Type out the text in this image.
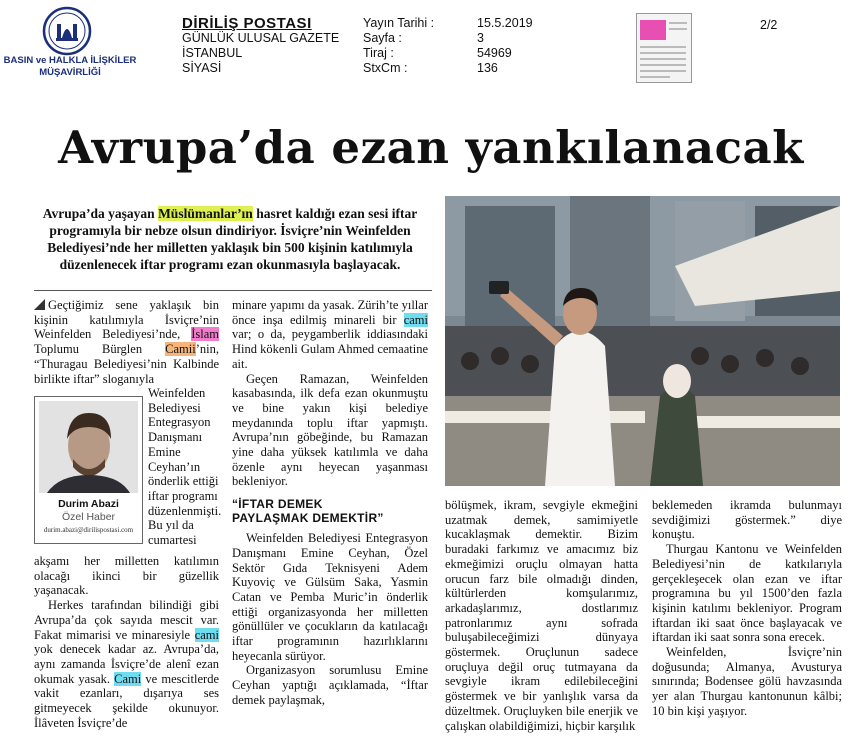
BASIN ve HALKLA İLİŞKİLER
MÜŞAVİRLİĞİ
DİRİLİŞ POSTASI
GÜNLÜK ULUSAL GAZETE
İSTANBUL
SİYASİ
Yayın Tarihi :
Sayfa :
Tiraj :
StxCm :
15.5.2019
3
54969
136
2/2
Avrupa’da ezan yankılanacak
Avrupa’da yaşayan Müslümanlar’ın hasret kaldığı ezan sesi iftar programıyla bir nebze olsun dindiriyor. İsviçre’nin Weinfelden Belediyesi’nde her milletten yaklaşık bin 500 kişinin katılımıyla düzenlenecek iftar programı ezan okunmasıyla başlayacak.

Geçtiğimiz sene yaklaşık bin kişinin katılımıyla İsviçre’nin Weinfelden Belediyesi’nde, İslam Toplumu Bürglen Camii’nin, “Thuragau Belediyesi’nin Kalbinde birlikte iftar” sloganıyla

Weinfelden Belediyesi Entegrasyon Danışmanı Emine Ceyhan’ın önderlik ettiği iftar programı düzenlenmişti. Bu yıl da cumartesi

Durim Abazi
Özel Haber
durim.abazi@dirilispostasi.com

akşamı her milletten katılımın olacağı ikinci bir güzellik yaşanacak.

Herkes tarafından bilindiği gibi Avrupa’da çok sayıda mescit var. Fakat mimarisi ve minaresiyle cami yok denecek kadar az. Avrupa’da, aynı zamanda İsviçre’de alenî ezan okumak yasak. Cami ve mescitlerde vakit ezanları, dışarıya ses gitmeyecek şekilde okunuyor. İlâveten İsviçre’de

minare yapımı da yasak. Zürih’te yıllar önce inşa edilmiş minareli bir cami var; o da, peygamberlik iddiasındaki Hind kökenli Gulam Ahmed cemaatine ait.

Geçen Ramazan, Weinfelden kasabasında, ilk defa ezan okunmuştu ve bine yakın kişi belediye meydanında toplu iftar yapmıştı. Avrupa’nın göbeğinde, bu Ramazan yine daha yüksek katılımla ve daha özenle aynı heyecan yaşanması bekleniyor.

“İFTAR DEMEK
PAYLAŞMAK DEMEKTİR”

Weinfelden Belediyesi Entegrasyon Danışmanı Emine Ceyhan, Özel Sektör Gıda Teknisyeni Adem Kuyoviç ve Gülsüm Saka, Yasmin Catan ve Pemba Muric’in önderlik ettiği organizasyonda her milletten gönüllüler ve çocukların da katılacağı iftar programının hazırlıklarını heyecanla sürüyor.

Organizasyon sorumlusu Emine Ceyhan yaptığı açıklamada, “İftar demek paylaşmak,

bölüşmek, ikram, sevgiyle ekmeğini uzatmak demek, samimiyetle kucaklaşmak demektir. Bizim buradaki farkımız ve amacımız biz ekmeğimizi oruçlu olmayan hatta orucun farz bile olmadığı dinden, kültürlerden komşularımız, arkadaşlarımız, dostlarımız patronlarımız aynı sofrada buluşabileceğimizi dünyaya göstermek. Oruçlunun sadece oruçluya değil oruç tutmayana da sevgiyle ikram edilebileceğini göstermek ve bir yanlışlık varsa da düzeltmek. Oruçluyken bile enerjik ve çalışkan olabildiğimizi, hiçbir karşılık

beklemeden ikramda bulunmayı sevdiğimizi göstermek.” diye konuştu.

Thurgau Kantonu ve Weinfelden Belediyesi’nin de katkılarıyla gerçekleşecek olan ezan ve iftar programına bu yıl 1500’den fazla kişinin katılımı bekleniyor. Program iftardan iki saat önce başlayacak ve iftardan iki saat sonra sona erecek.

Weinfelden, İsviçre’nin doğusunda; Almanya, Avusturya sınırında; Bodensee gölü havzasında yer alan Thurgau kantonunun kâlbi; 10 bin kişi yaşıyor.
